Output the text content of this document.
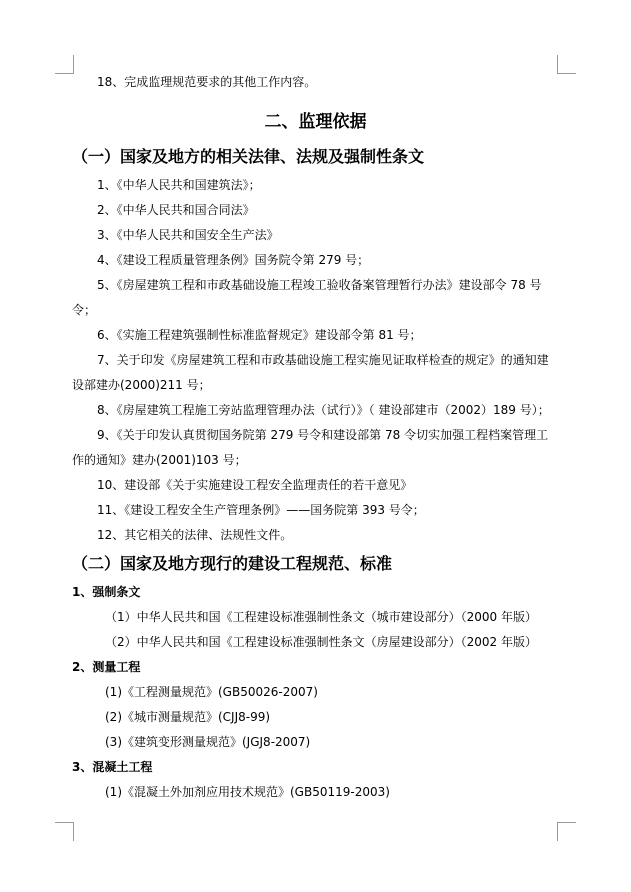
18、完成监理规范要求的其他工作内容。
二、监理依据
（一）国家及地方的相关法律、法规及强制性条文
1、《中华人民共和国建筑法》；
2、《中华人民共和国合同法》
3、《中华人民共和国安全生产法》
4、《建设工程质量管理条例》国务院令第 279 号；
5、《房屋建筑工程和市政基础设施工程竣工验收备案管理暂行办法》建设部令 78 号令；
6、《实施工程建筑强制性标准监督规定》建设部令第 81 号；
7、关于印发《房屋建筑工程和市政基础设施工程实施见证取样检查的规定》的通知建设部建办(2000)211 号；
8、《房屋建筑工程施工旁站监理管理办法（试行）》（ 建设部建市（2002）189 号）；
9、《关于印发认真贯彻国务院第 279 号令和建设部第 78 令切实加强工程档案管理工作的通知》建办(2001)103 号；
10、建设部《关于实施建设工程安全监理责任的若干意见》
11、《建设工程安全生产管理条例》——国务院第 393 号令；
12、其它相关的法律、法规性文件。
（二）国家及地方现行的建设工程规范、标准
1、强制条文
（1）中华人民共和国《工程建设标准强制性条文（城市建设部分）（2000 年版）
（2）中华人民共和国《工程建设标准强制性条文（房屋建设部分）（2002 年版）
2、测量工程
(1)《工程测量规范》(GB50026-2007)
(2)《城市测量规范》(CJJ8-99)
(3)《建筑变形测量规范》(JGJ8-2007)
3、混凝土工程
(1)《混凝土外加剂应用技术规范》(GB50119-2003)
